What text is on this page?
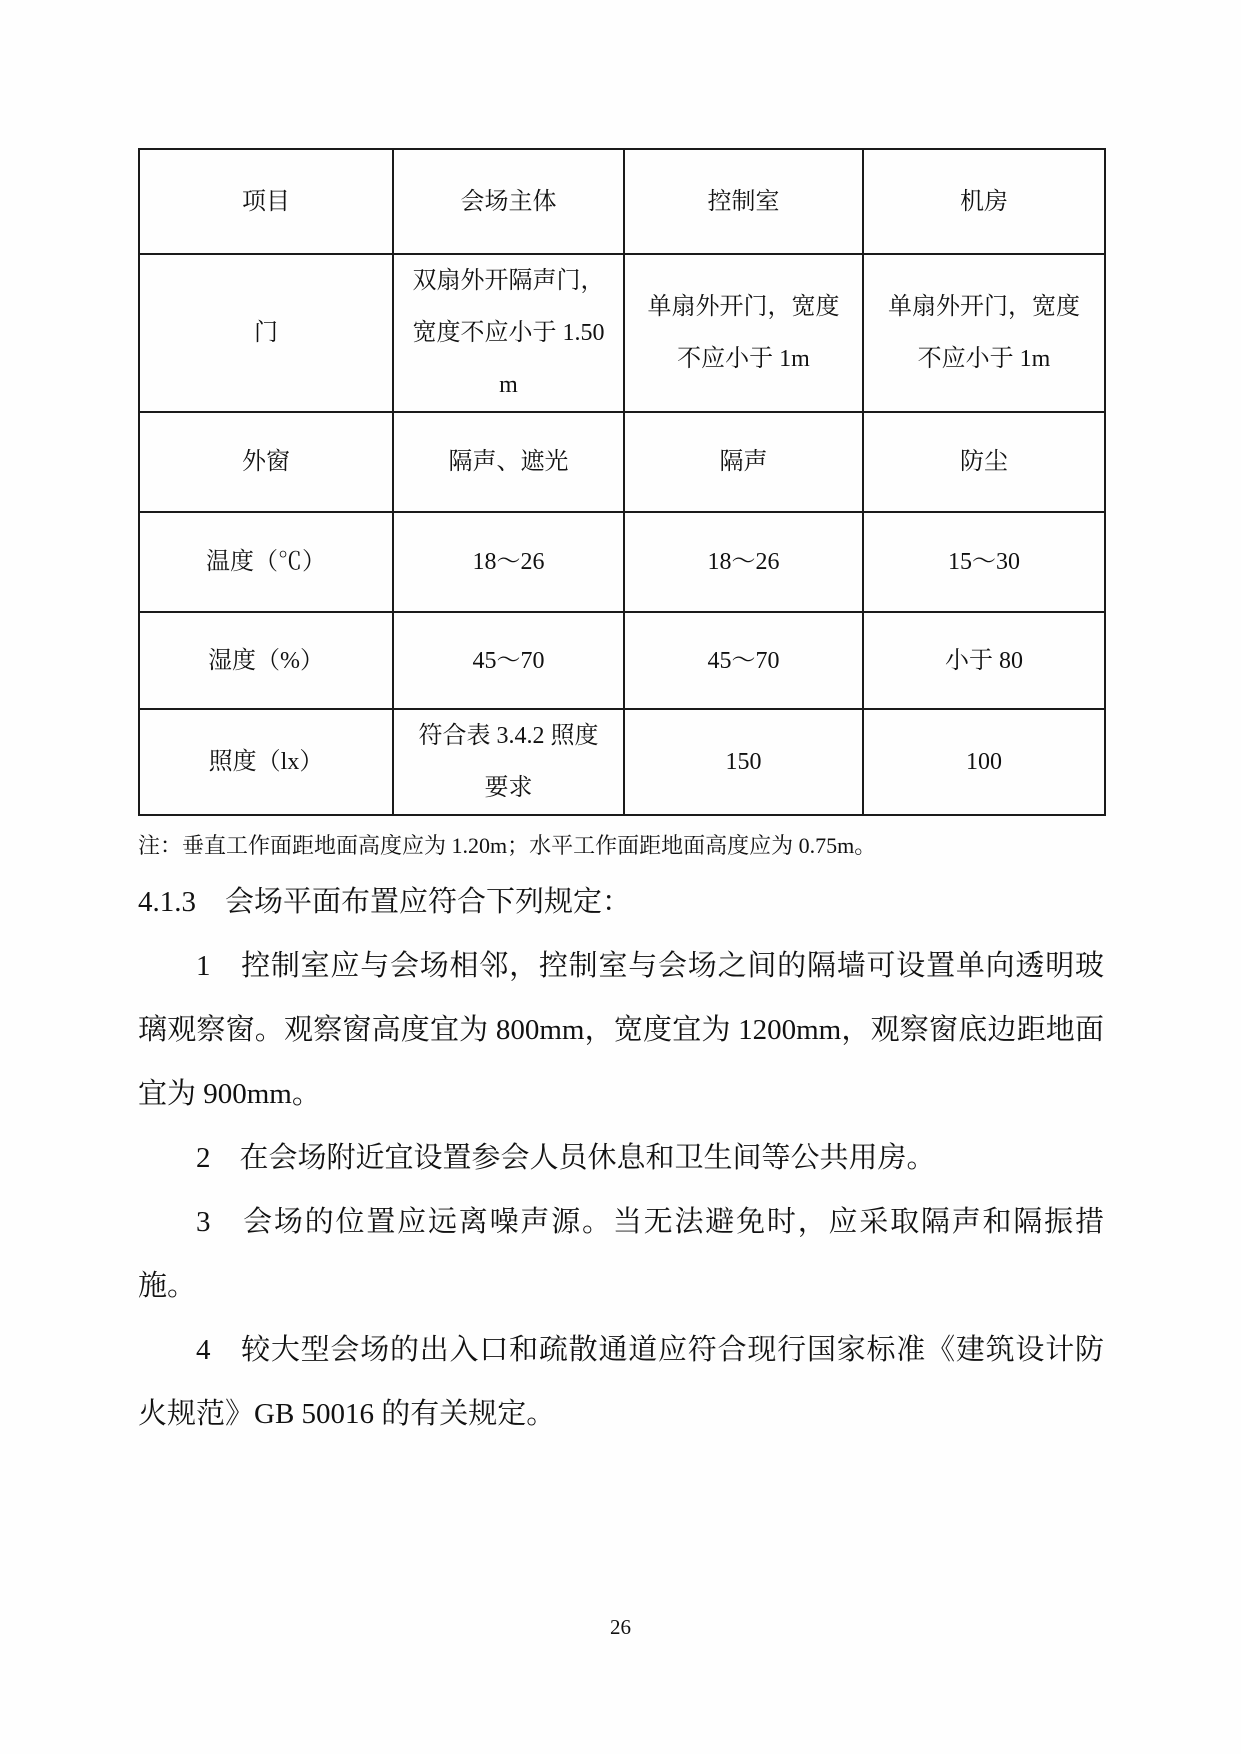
项目	会场主体	控制室	机房
门	双扇外开隔声门，宽度不应小于 1.50 m	单扇外开门，宽度不应小于 1m	单扇外开门，宽度不应小于 1m
外窗	隔声、遮光	隔声	防尘
温度（℃）	18～26	18～26	15～30
湿度（%）	45～70	45～70	小于 80
照度（lx）	符合表 3.4.2 照度要求	150	100

注：垂直工作面距地面高度应为 1.20m；水平工作面距地面高度应为 0.75m。

4.1.3　会场平面布置应符合下列规定：

1　控制室应与会场相邻，控制室与会场之间的隔墙可设置单向透明玻璃观察窗。观察窗高度宜为 800mm，宽度宜为 1200mm，观察窗底边距地面宜为 900mm。

2　在会场附近宜设置参会人员休息和卫生间等公共用房。

3　会场的位置应远离噪声源。当无法避免时，应采取隔声和隔振措施。

4　较大型会场的出入口和疏散通道应符合现行国家标准《建筑设计防火规范》GB 50016 的有关规定。

26
